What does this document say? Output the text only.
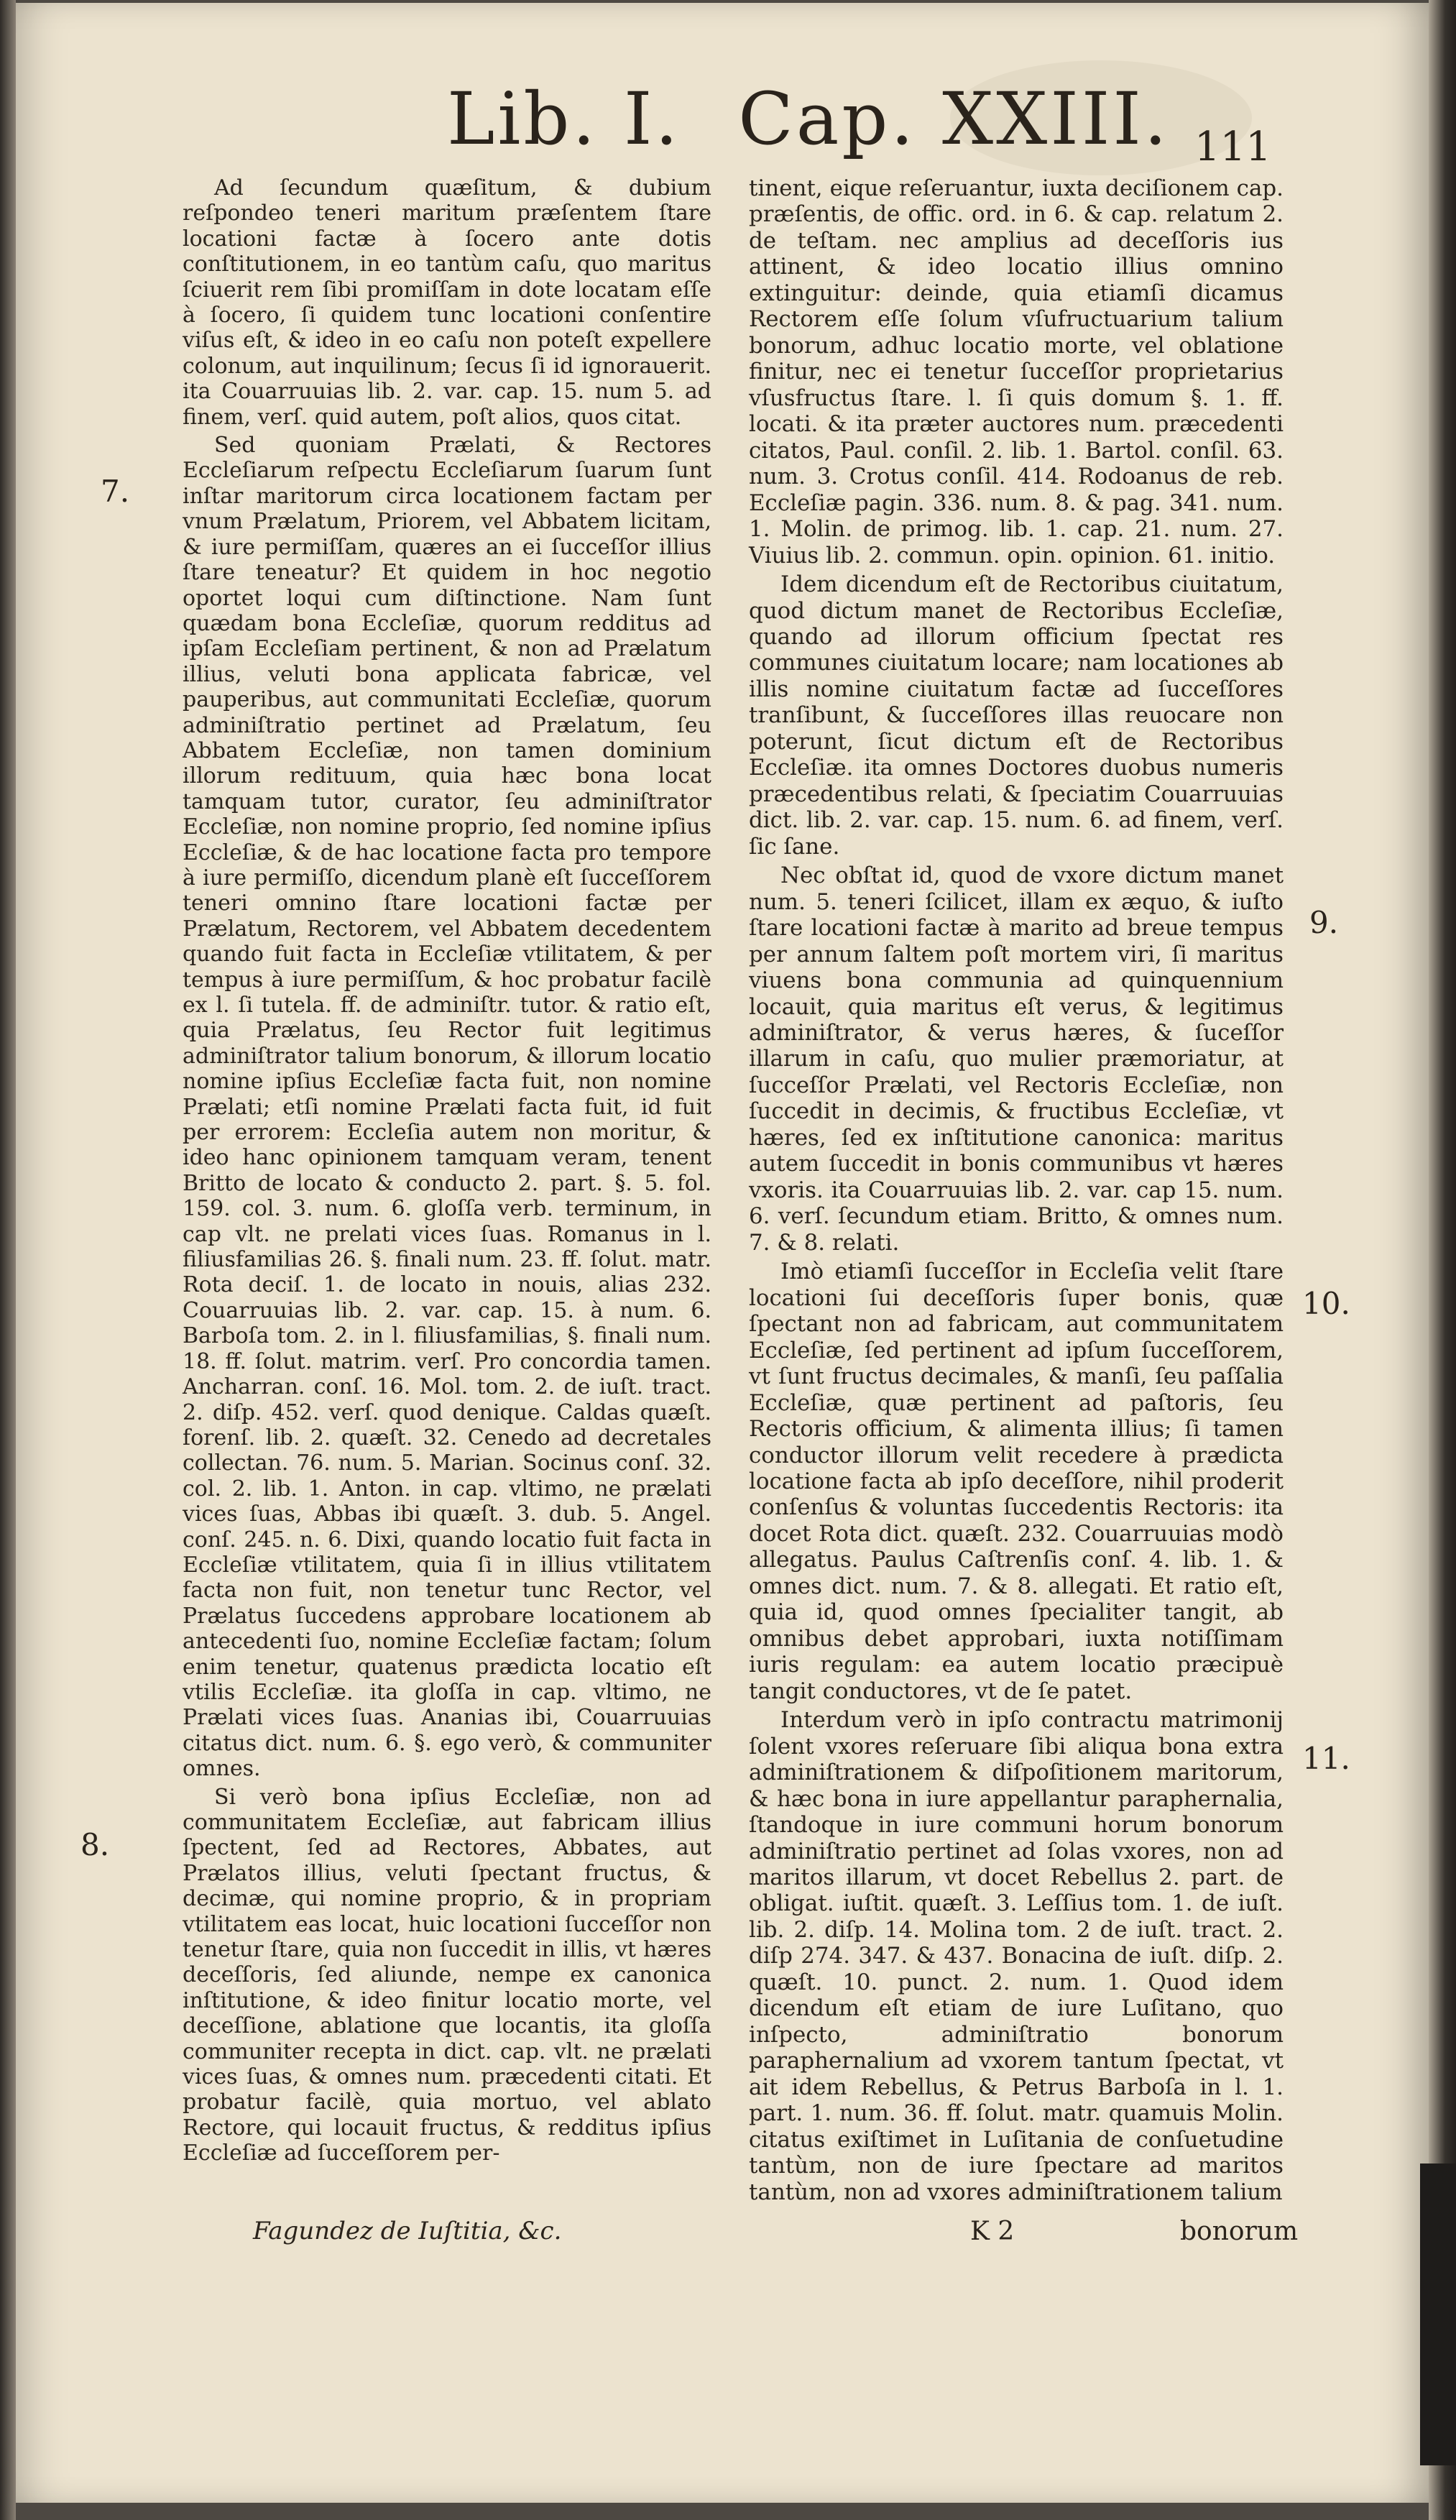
Lib. I. Cap. XXIII. 111

Ad ſecundum quæſitum, & dubium reſpondeo teneri maritum præſentem ſtare locationi factæ à ſocero ante dotis conſtitutionem, in eo tantùm caſu, quo maritus ſciuerit rem ſibi promiſſam in dote locatam eſſe à ſocero, ſi quidem tunc locationi conſentire viſus eſt, & ideo in eo caſu non poteſt expellere colonum, aut inquilinum; ſecus ſi id ignorauerit. ita Couarruuias lib. 2. var. cap. 15. num 5. ad finem, verſ. quid autem, poſt alios, quos citat.

Sed quoniam Prælati, & Rectores Eccleſiarum reſpectu Eccleſiarum ſuarum ſunt inſtar maritorum circa locationem factam per vnum Prælatum, Priorem, vel Abbatem licitam, & iure permiſſam, quæres an ei ſucceſſor illius ſtare teneatur? Et quidem in hoc negotio oportet loqui cum diſtinctione. Nam ſunt quædam bona Eccleſiæ, quorum redditus ad ipſam Eccleſiam pertinent, & non ad Prælatum illius, veluti bona applicata fabricæ, vel pauperibus, aut communitati Eccleſiæ, quorum adminiſtratio pertinet ad Prælatum, ſeu Abbatem Eccleſiæ, non tamen dominium illorum redituum, quia hæc bona locat tamquam tutor, curator, ſeu adminiſtrator Eccleſiæ, non nomine proprio, ſed nomine ipſius Eccleſiæ, & de hac locatione facta pro tempore à iure permiſſo, dicendum planè eſt ſucceſſorem teneri omnino ſtare locationi factæ per Prælatum, Rectorem, vel Abbatem decedentem quando fuit facta in Eccleſiæ vtilitatem, & per tempus à iure permiſſum, & hoc probatur facilè ex l. ſi tutela. ff. de adminiſtr. tutor. & ratio eſt, quia Prælatus, ſeu Rector fuit legitimus adminiſtrator talium bonorum, & illorum locatio nomine ipſius Eccleſiæ facta fuit, non nomine Prælati; etſi nomine Prælati facta fuit, id fuit per errorem: Eccleſia autem non moritur, & ideo hanc opinionem tamquam veram, tenent Britto de locato & conducto 2. part. §. 5. fol. 159. col. 3. num. 6. gloſſa verb. terminum, in cap vlt. ne prelati vices ſuas. Romanus in l. filiusfamilias 26. §. finali num. 23. ff. ſolut. matr. Rota deciſ. 1. de locato in nouis, alias 232. Couarruuias lib. 2. var. cap. 15. à num. 6. Barboſa tom. 2. in l. filiusfamilias, §. finali num. 18. ff. ſolut. matrim. verſ. Pro concordia tamen. Ancharran. conſ. 16. Mol. tom. 2. de iuſt. tract. 2. diſp. 452. verſ. quod denique. Caldas quæſt. forenſ. lib. 2. quæſt. 32. Cenedo ad decretales collectan. 76. num. 5. Marian. Socinus conſ. 32. col. 2. lib. 1. Anton. in cap. vltimo, ne prælati vices ſuas, Abbas ibi quæſt. 3. dub. 5. Angel. conſ. 245. n. 6. Dixi, quando locatio fuit facta in Eccleſiæ vtilitatem, quia ſi in illius vtilitatem facta non fuit, non tenetur tunc Rector, vel Prælatus ſuccedens approbare locationem ab antecedenti ſuo, nomine Eccleſiæ factam; ſolum enim tenetur, quatenus prædicta locatio eſt vtilis Eccleſiæ. ita gloſſa in cap. vltimo, ne Prælati vices ſuas. Ananias ibi, Couarruuias citatus dict. num. 6. §. ego verò, & communiter omnes.

Si verò bona ipſius Eccleſiæ, non ad communitatem Eccleſiæ, aut fabricam illius ſpectent, ſed ad Rectores, Abbates, aut Prælatos illius, veluti ſpectant fructus, & decimæ, qui nomine proprio, & in propriam vtilitatem eas locat, huic locationi ſucceſſor non tenetur ſtare, quia non ſuccedit in illis, vt hæres deceſſoris, ſed aliunde, nempe ex canonica inſtitutione, & ideo finitur locatio morte, vel deceſſione, ablatione que locantis, ita gloſſa communiter recepta in dict. cap. vlt. ne prælati vices ſuas, & omnes num. præcedenti citati. Et probatur facilè, quia mortuo, vel ablato Rectore, qui locauit fructus, & redditus ipſius Eccleſiæ ad ſucceſſorem per-

tinent, eique reſeruantur, iuxta deciſionem cap. præſentis, de offic. ord. in 6. & cap. relatum 2. de teſtam. nec amplius ad deceſſoris ius attinent, & ideo locatio illius omnino extinguitur: deinde, quia etiamſi dicamus Rectorem eſſe ſolum vſufructuarium talium bonorum, adhuc locatio morte, vel oblatione finitur, nec ei tenetur ſucceſſor proprietarius vſusfructus ſtare. l. ſi quis domum §. 1. ff. locati. & ita præter auctores num. præcedenti citatos, Paul. conſil. 2. lib. 1. Bartol. conſil. 63. num. 3. Crotus conſil. 414. Rodoanus de reb. Eccleſiæ pagin. 336. num. 8. & pag. 341. num. 1. Molin. de primog. lib. 1. cap. 21. num. 27. Viuius lib. 2. commun. opin. opinion. 61. initio.

Idem dicendum eſt de Rectoribus ciuitatum, quod dictum manet de Rectoribus Eccleſiæ, quando ad illorum officium ſpectat res communes ciuitatum locare; nam locationes ab illis nomine ciuitatum factæ ad ſucceſſores tranſibunt, & ſucceſſores illas reuocare non poterunt, ſicut dictum eſt de Rectoribus Eccleſiæ. ita omnes Doctores duobus numeris præcedentibus relati, & ſpeciatim Couarruuias dict. lib. 2. var. cap. 15. num. 6. ad finem, verſ. ſic ſane.

Nec obſtat id, quod de vxore dictum manet num. 5. teneri ſcilicet, illam ex æquo, & iuſto ſtare locationi factæ à marito ad breue tempus per annum ſaltem poſt mortem viri, ſi maritus viuens bona communia ad quinquennium locauit, quia maritus eſt verus, & legitimus adminiſtrator, & verus hæres, & ſuceſſor illarum in caſu, quo mulier præmoriatur, at ſucceſſor Prælati, vel Rectoris Eccleſiæ, non ſuccedit in decimis, & fructibus Eccleſiæ, vt hæres, ſed ex inſtitutione canonica: maritus autem ſuccedit in bonis communibus vt hæres vxoris. ita Couarruuias lib. 2. var. cap 15. num. 6. verſ. ſecundum etiam. Britto, & omnes num. 7. & 8. relati.

Imò etiamſi ſucceſſor in Eccleſia velit ſtare locationi ſui deceſſoris ſuper bonis, quæ ſpectant non ad fabricam, aut communitatem Eccleſiæ, ſed pertinent ad ipſum ſucceſſorem, vt ſunt fructus decimales, & manſi, ſeu paſſalia Eccleſiæ, quæ pertinent ad paſtoris, ſeu Rectoris officium, & alimenta illius; ſi tamen conductor illorum velit recedere à prædicta locatione facta ab ipſo deceſſore, nihil proderit conſenſus & voluntas ſuccedentis Rectoris: ita docet Rota dict. quæſt. 232. Couarruuias modò allegatus. Paulus Caſtrenſis conſ. 4. lib. 1. & omnes dict. num. 7. & 8. allegati. Et ratio eſt, quia id, quod omnes ſpecialiter tangit, ab omnibus debet approbari, iuxta notiſſimam iuris regulam: ea autem locatio præcipuè tangit conductores, vt de ſe patet.

Interdum verò in ipſo contractu matrimonij ſolent vxores reſeruare ſibi aliqua bona extra adminiſtrationem & diſpoſitionem maritorum, & hæc bona in iure appellantur paraphernalia, ſtandoque in iure communi horum bonorum adminiſtratio pertinet ad ſolas vxores, non ad maritos illarum, vt docet Rebellus 2. part. de obligat. iuſtit. quæſt. 3. Leſſius tom. 1. de iuſt. lib. 2. diſp. 14. Molina tom. 2 de iuſt. tract. 2. diſp 274. 347. & 437. Bonacina de iuſt. diſp. 2. quæſt. 10. punct. 2. num. 1. Quod idem dicendum eſt etiam de iure Luſitano, quo inſpecto, adminiſtratio bonorum paraphernalium ad vxorem tantum ſpectat, vt ait idem Rebellus, & Petrus Barboſa in l. 1. part. 1. num. 36. ff. ſolut. matr. quamuis Molin. citatus exiſtimet in Luſitania de conſuetudine tantùm, non de iure ſpectare ad maritos tantùm, non ad vxores adminiſtrationem talium

7.
8.
9.
10.
11.
Fagundez de Iuſtitia, &c.	K 2	bonorum
